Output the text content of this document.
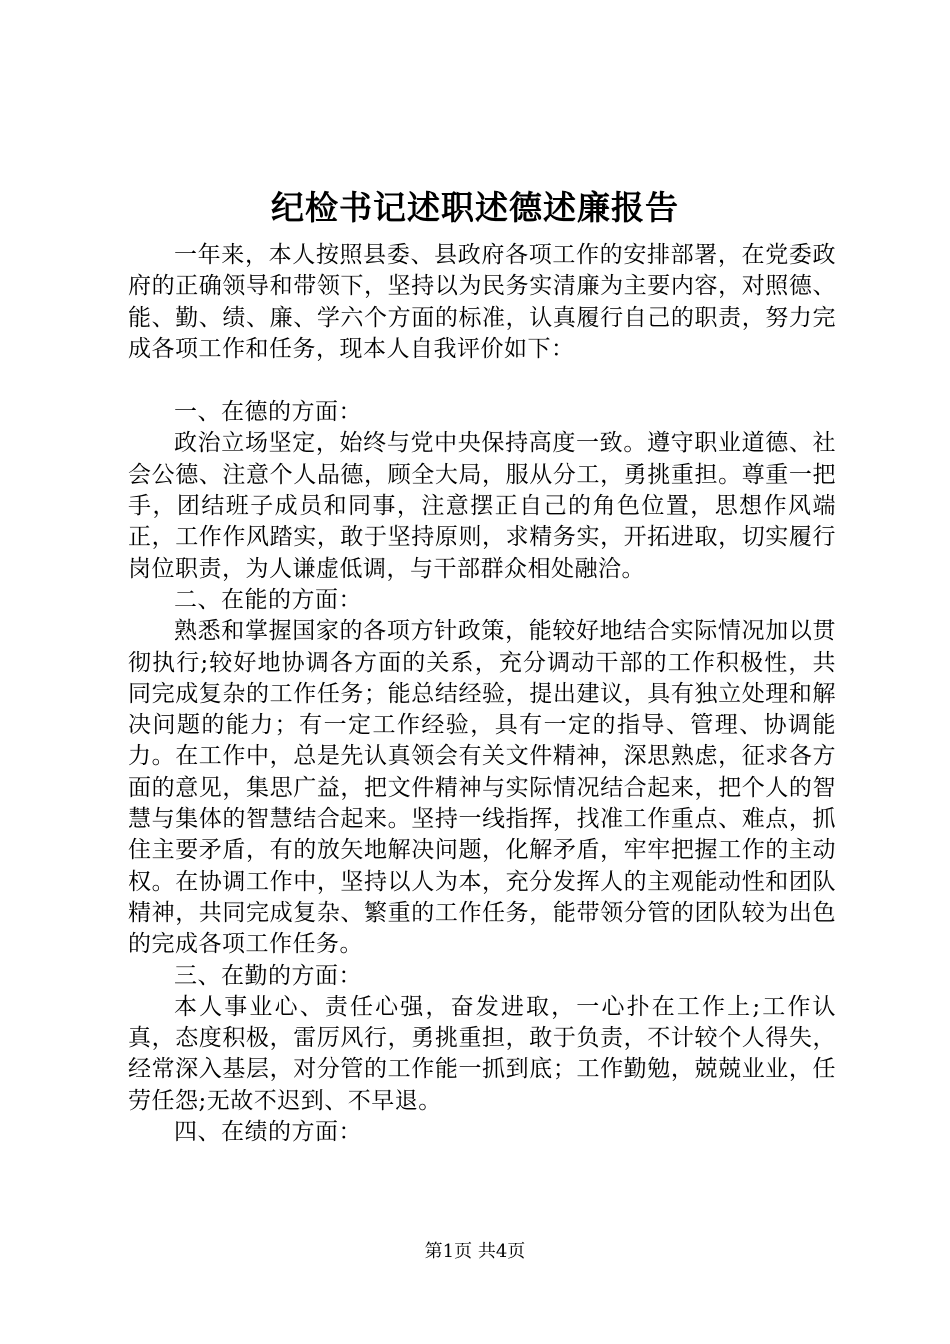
纪检书记述职述德述廉报告

一年来，本人按照县委、县政府各项工作的安排部署，在党委政府的正确领导和带领下，坚持以为民务实清廉为主要内容，对照德、能、勤、绩、廉、学六个方面的标准，认真履行自己的职责，努力完成各项工作和任务，现本人自我评价如下：

一、在德的方面：

政治立场坚定，始终与党中央保持高度一致。遵守职业道德、社会公德、注意个人品德，顾全大局，服从分工，勇挑重担。尊重一把手，团结班子成员和同事，注意摆正自己的角色位置，思想作风端正，工作作风踏实，敢于坚持原则，求精务实，开拓进取，切实履行岗位职责，为人谦虚低调，与干部群众相处融洽。

二、在能的方面：

熟悉和掌握国家的各项方针政策，能较好地结合实际情况加以贯彻执行;较好地协调各方面的关系，充分调动干部的工作积极性，共同完成复杂的工作任务；能总结经验，提出建议，具有独立处理和解决问题的能力；有一定工作经验，具有一定的指导、管理、协调能力。在工作中，总是先认真领会有关文件精神，深思熟虑，征求各方面的意见，集思广益，把文件精神与实际情况结合起来，把个人的智慧与集体的智慧结合起来。坚持一线指挥，找准工作重点、难点，抓住主要矛盾，有的放矢地解决问题，化解矛盾，牢牢把握工作的主动权。在协调工作中，坚持以人为本，充分发挥人的主观能动性和团队精神，共同完成复杂、繁重的工作任务，能带领分管的团队较为出色的完成各项工作任务。

三、在勤的方面：

本人事业心、责任心强，奋发进取，一心扑在工作上;工作认真，态度积极，雷厉风行，勇挑重担，敢于负责，不计较个人得失，经常深入基层，对分管的工作能一抓到底；工作勤勉，兢兢业业，任劳任怨;无故不迟到、不早退。

四、在绩的方面：

第1页 共4页
